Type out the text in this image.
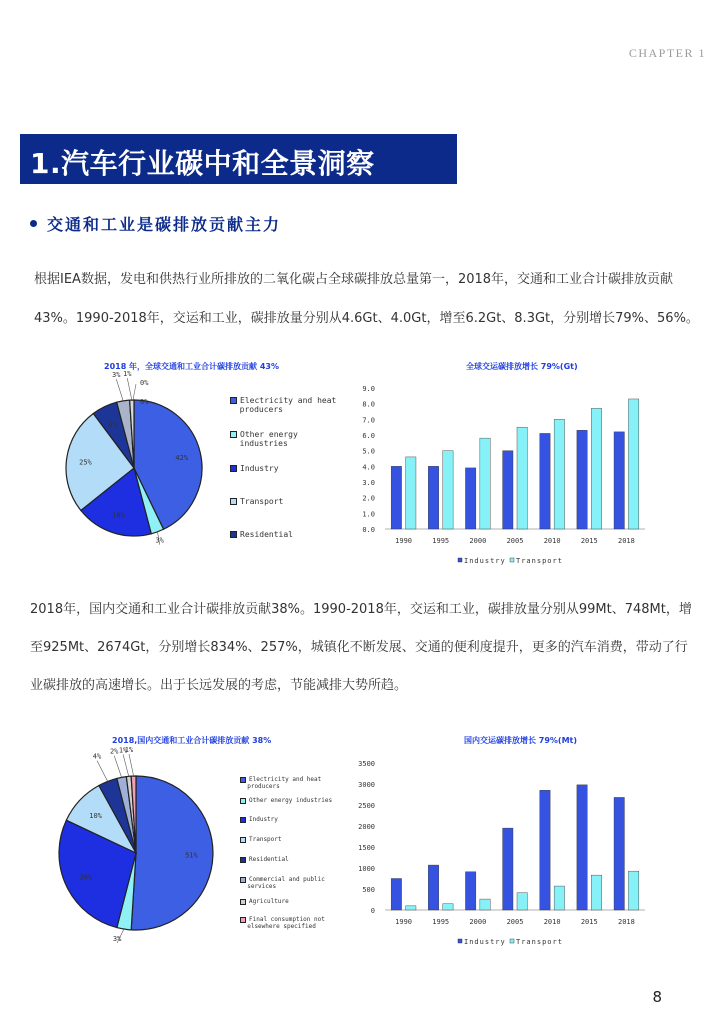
CHAPTER 1
1.汽车行业碳中和全景洞察
交通和工业是碳排放贡献主力
根据IEA数据，发电和供热行业所排放的二氧化碳占全球碳排放总量第一，2018年，交通和工业合计碳排放贡献
43%。1990-2018年，交运和工业，碳排放量分别从4.6Gt、4.0Gt，增至6.2Gt、8.3Gt，分别增长79%、56%。
2018 年，全球交通和工业合计碳排放贡献 43%
42%
3%
18%
25%
6%
3% 1%
0%
0%	Electricity and heat
producers
Other energy
industries
Industry
Transport
Residential
全球交运碳排放增长 79%(Gt)
0.0
1.0
2.0
3.0
4.0
5.0
6.0
7.0
8.0
9.0
1990	1995	2000	2005	2010	2015	2018
Industry Transport
2018年，国内交通和工业合计碳排放贡献38%。1990-2018年，交运和工业，碳排放量分别从99Mt、748Mt，增
至925Mt、2674Gt，分别增长834%、257%，城镇化不断发展、交通的便利度提升，更多的汽车消费，带动了行
业碳排放的高速增长。出于长远发展的考虑，节能减排大势所趋。
2018,国内交通和工业合计碳排放贡献 38%
51%
3%
28%
10%
4%
2% 1%
1%
Electricity and heat
producers
Other energy industries
Industry
Transport
Residential
Commercial and public
services
Agriculture
Final consumption not
elsewhere specified
国内交运碳排放增长 79%(Mt)
0
500
1000
1500
2000
2500
3000
3500
1990	1995	2000	2005	2010	2015	2018
Industry Transport
8
